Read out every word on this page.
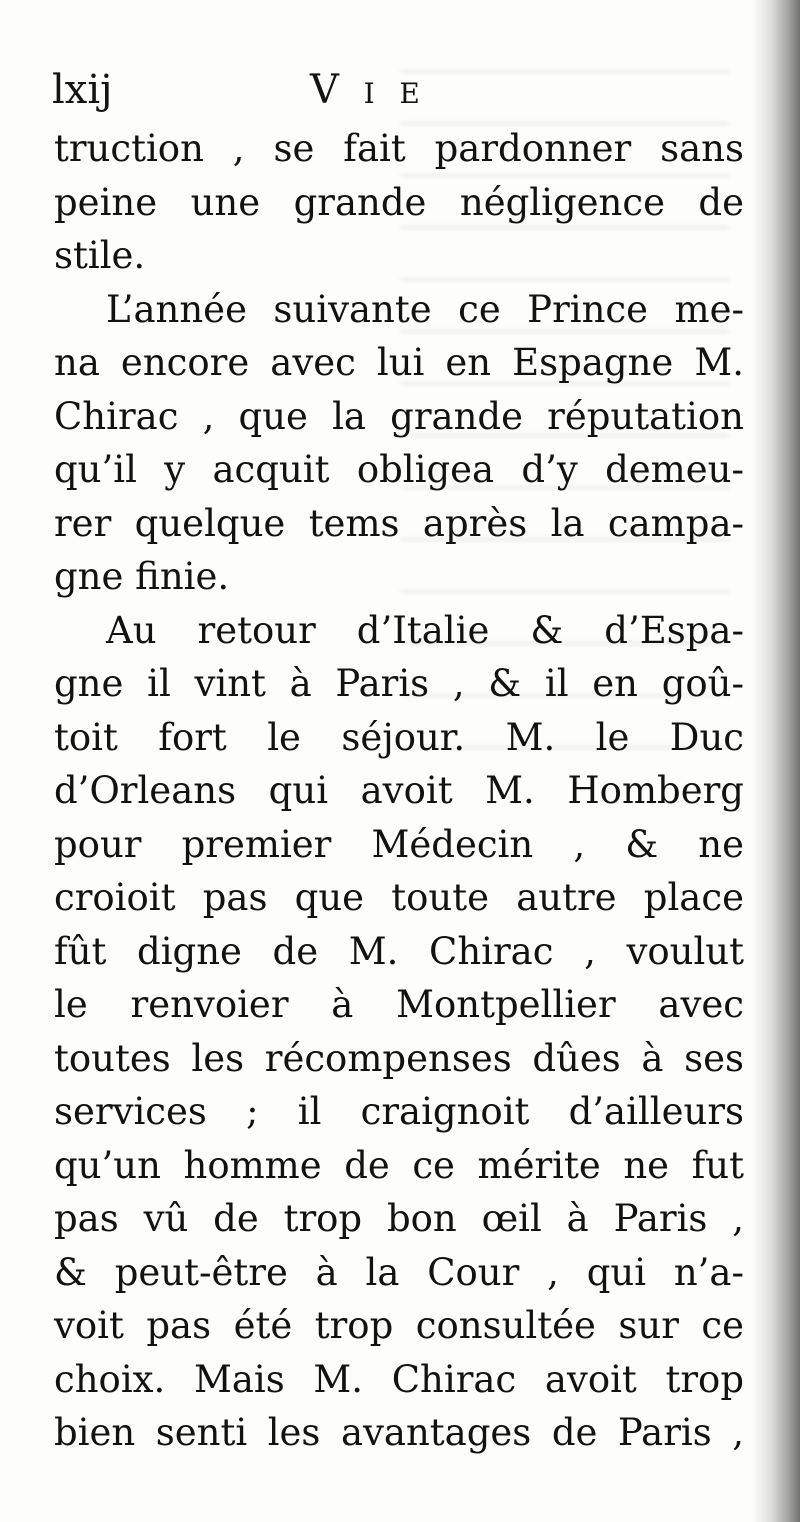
lxij	V i e
truction , se fait pardonner sans
peine une grande négligence de
stile.
L’année suivante ce Prince me-
na encore avec lui en Espagne M.
Chirac , que la grande réputation
qu’il y acquit obligea d’y demeu-
rer quelque tems après la campa-
gne finie.
Au retour d’Italie & d’Espa-
gne il vint à Paris , & il en goû-
toit fort le séjour. M. le Duc
d’Orleans qui avoit M. Homberg
pour premier Médecin , & ne
croioit pas que toute autre place
fût digne de M. Chirac , voulut
le renvoier à Montpellier avec
toutes les récompenses dûes à ses
services ; il craignoit d’ailleurs
qu’un homme de ce mérite ne fut
pas vû de trop bon œil à Paris ,
& peut-être à la Cour , qui n’a-
voit pas été trop consultée sur ce
choix. Mais M. Chirac avoit trop
bien senti les avantages de Paris ,
